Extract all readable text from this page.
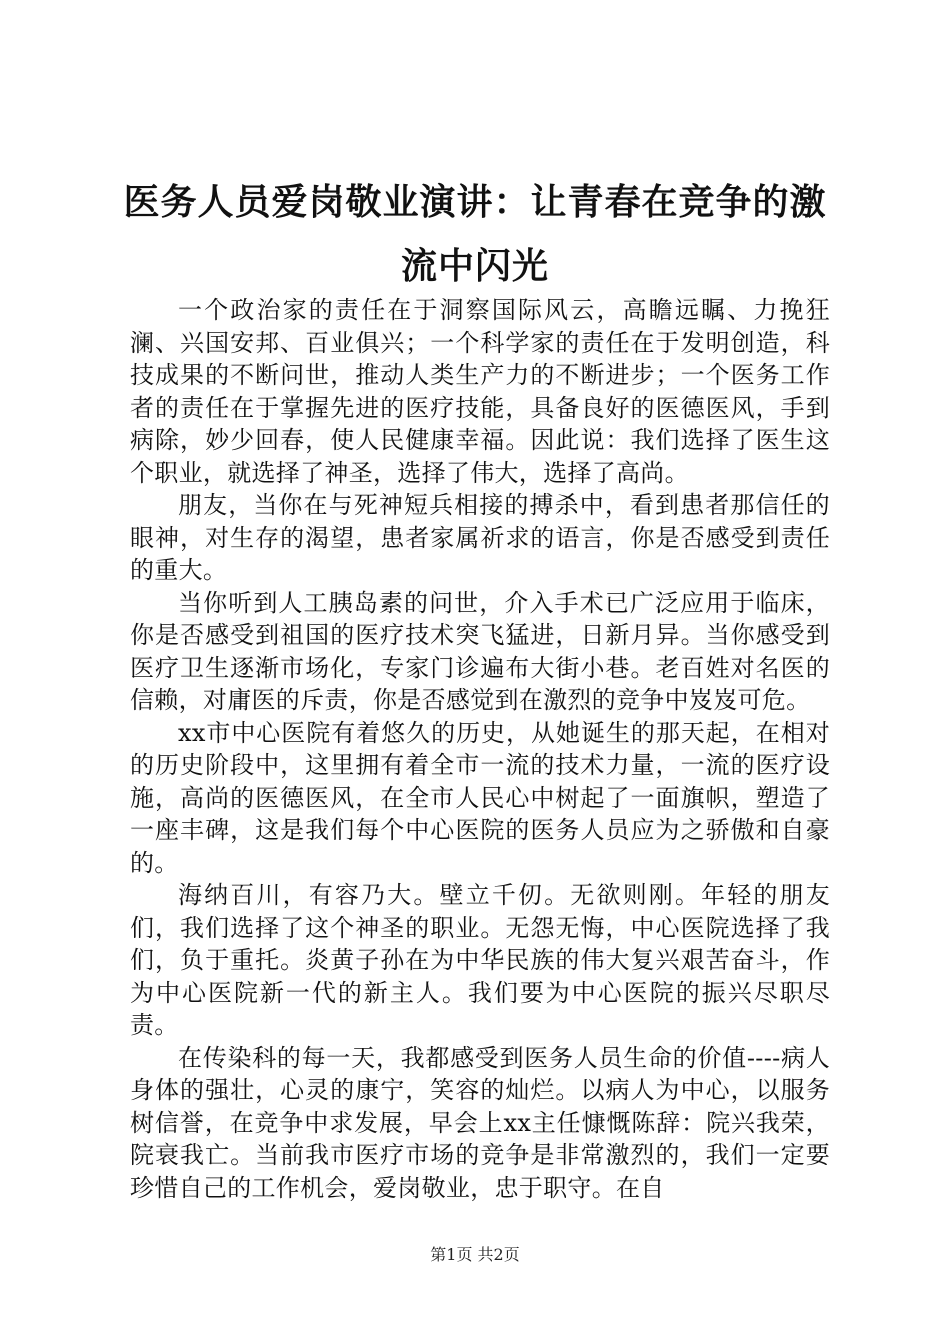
医务人员爱岗敬业演讲：让青春在竞争的激流中闪光

一个政治家的责任在于洞察国际风云，高瞻远瞩、力挽狂澜、兴国安邦、百业俱兴；一个科学家的责任在于发明创造，科技成果的不断问世，推动人类生产力的不断进步；一个医务工作者的责任在于掌握先进的医疗技能，具备良好的医德医风，手到病除，妙少回春，使人民健康幸福。因此说：我们选择了医生这个职业，就选择了神圣，选择了伟大，选择了高尚。

朋友，当你在与死神短兵相接的搏杀中，看到患者那信任的眼神，对生存的渴望，患者家属祈求的语言，你是否感受到责任的重大。

当你听到人工胰岛素的问世，介入手术已广泛应用于临床，你是否感受到祖国的医疗技术突飞猛进，日新月异。当你感受到医疗卫生逐渐市场化，专家门诊遍布大街小巷。老百姓对名医的信赖，对庸医的斥责，你是否感觉到在激烈的竞争中岌岌可危。

xx市中心医院有着悠久的历史，从她诞生的那天起，在相对的历史阶段中，这里拥有着全市一流的技术力量，一流的医疗设施，高尚的医德医风，在全市人民心中树起了一面旗帜，塑造了一座丰碑，这是我们每个中心医院的医务人员应为之骄傲和自豪的。

海纳百川，有容乃大。壁立千仞。无欲则刚。年轻的朋友们，我们选择了这个神圣的职业。无怨无悔，中心医院选择了我们，负于重托。炎黄子孙在为中华民族的伟大复兴艰苦奋斗，作为中心医院新一代的新主人。我们要为中心医院的振兴尽职尽责。

在传染科的每一天，我都感受到医务人员生命的价值----病人身体的强壮，心灵的康宁，笑容的灿烂。以病人为中心，以服务树信誉，在竞争中求发展，早会上xx主任慷慨陈辞：院兴我荣，院衰我亡。当前我市医疗市场的竞争是非常激烈的，我们一定要珍惜自己的工作机会，爱岗敬业，忠于职守。在自

第1页 共2页
